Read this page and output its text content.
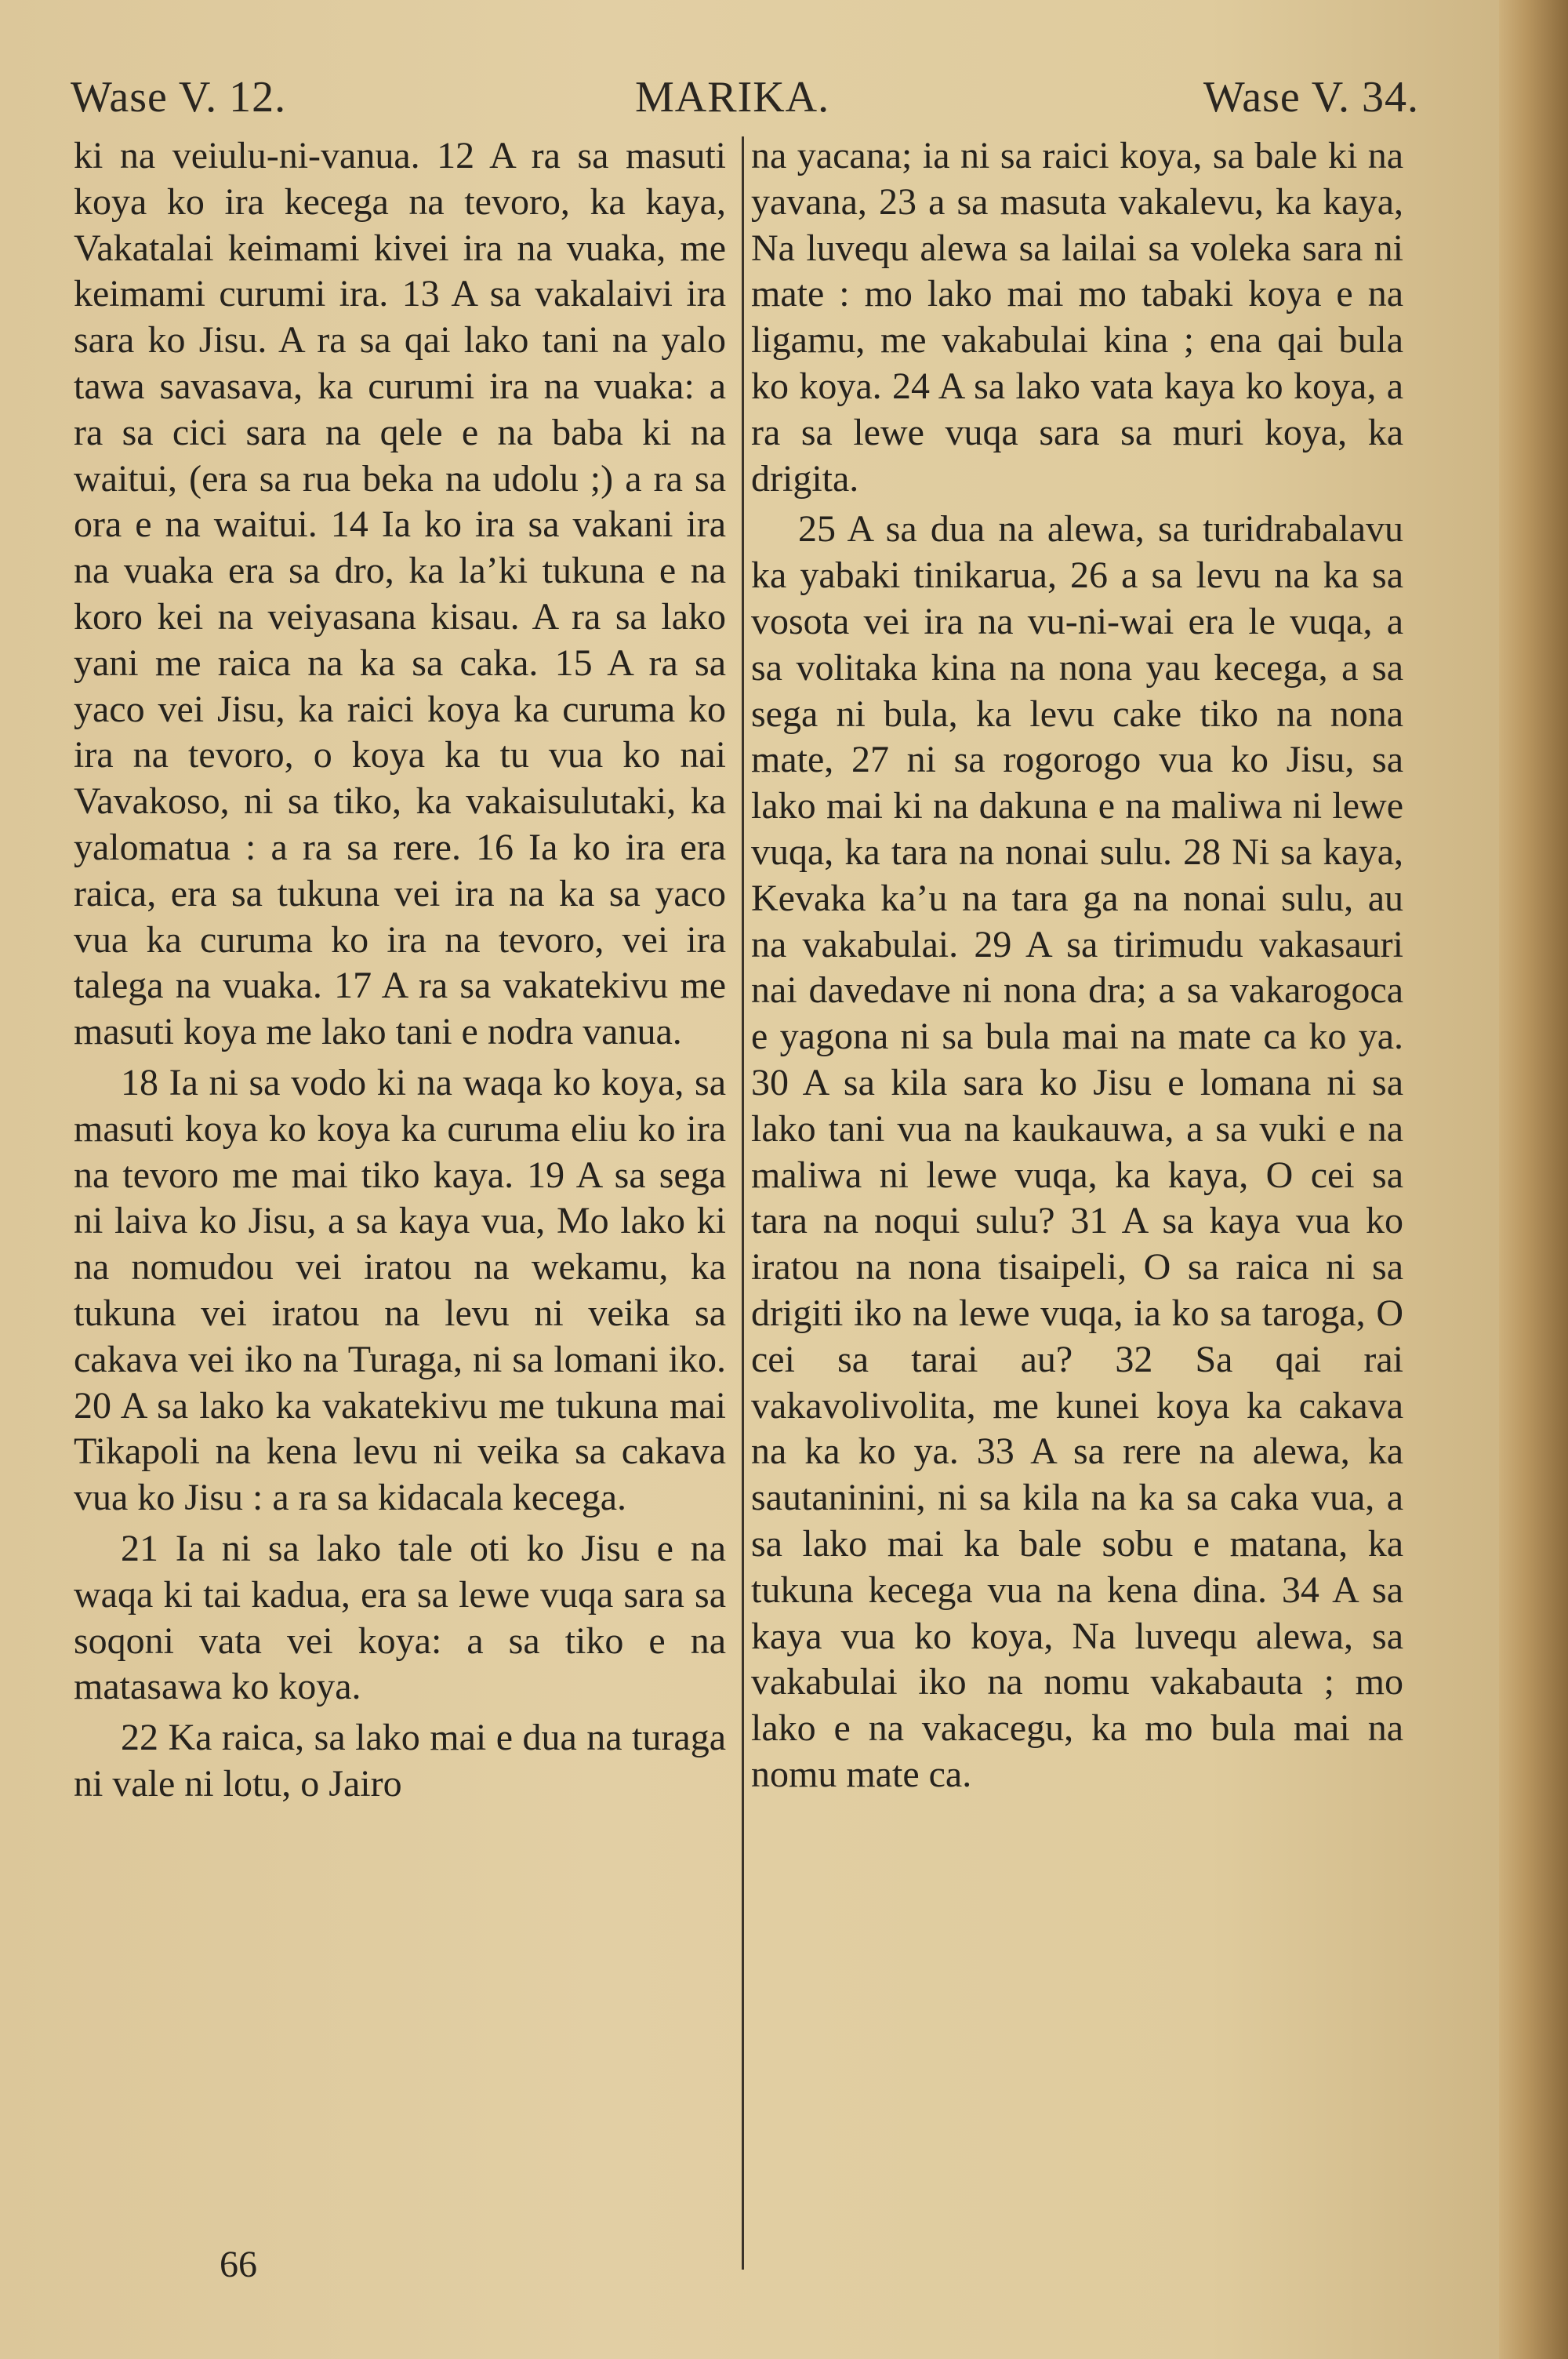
Wase V. 12.	MARIKA.	Wase V. 34.

ki na veiulu-ni-vanua. 12 A ra sa masuti koya ko ira kecega na tevoro, ka kaya, Vakatalai keimami kivei ira na vuaka, me keimami curumi ira. 13 A sa vakalaivi ira sara ko Jisu. A ra sa qai lako tani na yalo tawa savasava, ka curumi ira na vuaka: a ra sa cici sara na qele e na baba ki na waitui, (era sa rua beka na udolu ;) a ra sa ora e na waitui. 14 Ia ko ira sa vakani ira na vuaka era sa dro, ka la’ki tukuna e na koro kei na veiyasana kisau. A ra sa lako yani me raica na ka sa caka. 15 A ra sa yaco vei Jisu, ka raici koya ka curuma ko ira na tevoro, o koya ka tu vua ko nai Vavakoso, ni sa tiko, ka vakaisulutaki, ka yalomatua : a ra sa rere. 16 Ia ko ira era raica, era sa tukuna vei ira na ka sa yaco vua ka curuma ko ira na tevoro, vei ira talega na vuaka. 17 A ra sa vakatekivu me masuti koya me lako tani e nodra vanua.

18 Ia ni sa vodo ki na waqa ko koya, sa masuti koya ko koya ka curuma eliu ko ira na tevoro me mai tiko kaya. 19 A sa sega ni laiva ko Jisu, a sa kaya vua, Mo lako ki na nomudou vei iratou na wekamu, ka tukuna vei iratou na levu ni veika sa cakava vei iko na Turaga, ni sa lomani iko. 20 A sa lako ka vakatekivu me tukuna mai Tikapoli na kena levu ni veika sa cakava vua ko Jisu : a ra sa kidacala kecega.

21 Ia ni sa lako tale oti ko Jisu e na waqa ki tai kadua, era sa lewe vuqa sara sa soqoni vata vei koya: a sa tiko e na matasawa ko koya.

22 Ka raica, sa lako mai e dua na turaga ni vale ni lotu, o Jairo

na yacana; ia ni sa raici koya, sa bale ki na yavana, 23 a sa masuta vakalevu, ka kaya, Na luvequ alewa sa lailai sa voleka sara ni mate : mo lako mai mo tabaki koya e na ligamu, me vakabulai kina ; ena qai bula ko koya. 24 A sa lako vata kaya ko koya, a ra sa lewe vuqa sara sa muri koya, ka drigita.

25 A sa dua na alewa, sa turidrabalavu ka yabaki tinikarua, 26 a sa levu na ka sa vosota vei ira na vu-ni-wai era le vuqa, a sa volitaka kina na nona yau kecega, a sa sega ni bula, ka levu cake tiko na nona mate, 27 ni sa rogorogo vua ko Jisu, sa lako mai ki na dakuna e na maliwa ni lewe vuqa, ka tara na nonai sulu. 28 Ni sa kaya, Kevaka ka’u na tara ga na nonai sulu, au na vakabulai. 29 A sa tirimudu vakasauri nai davedave ni nona dra; a sa vakarogoca e yagona ni sa bula mai na mate ca ko ya. 30 A sa kila sara ko Jisu e lomana ni sa lako tani vua na kaukauwa, a sa vuki e na maliwa ni lewe vuqa, ka kaya, O cei sa tara na noqui sulu? 31 A sa kaya vua ko iratou na nona tisaipeli, O sa raica ni sa drigiti iko na lewe vuqa, ia ko sa taroga, O cei sa tarai au? 32 Sa qai rai vakavolivolita, me kunei koya ka cakava na ka ko ya. 33 A sa rere na alewa, ka sautaninini, ni sa kila na ka sa caka vua, a sa lako mai ka bale sobu e matana, ka tukuna kecega vua na kena dina. 34 A sa kaya vua ko koya, Na luvequ alewa, sa vakabulai iko na nomu vakabauta ; mo lako e na vakacegu, ka mo bula mai na nomu mate ca.

66
